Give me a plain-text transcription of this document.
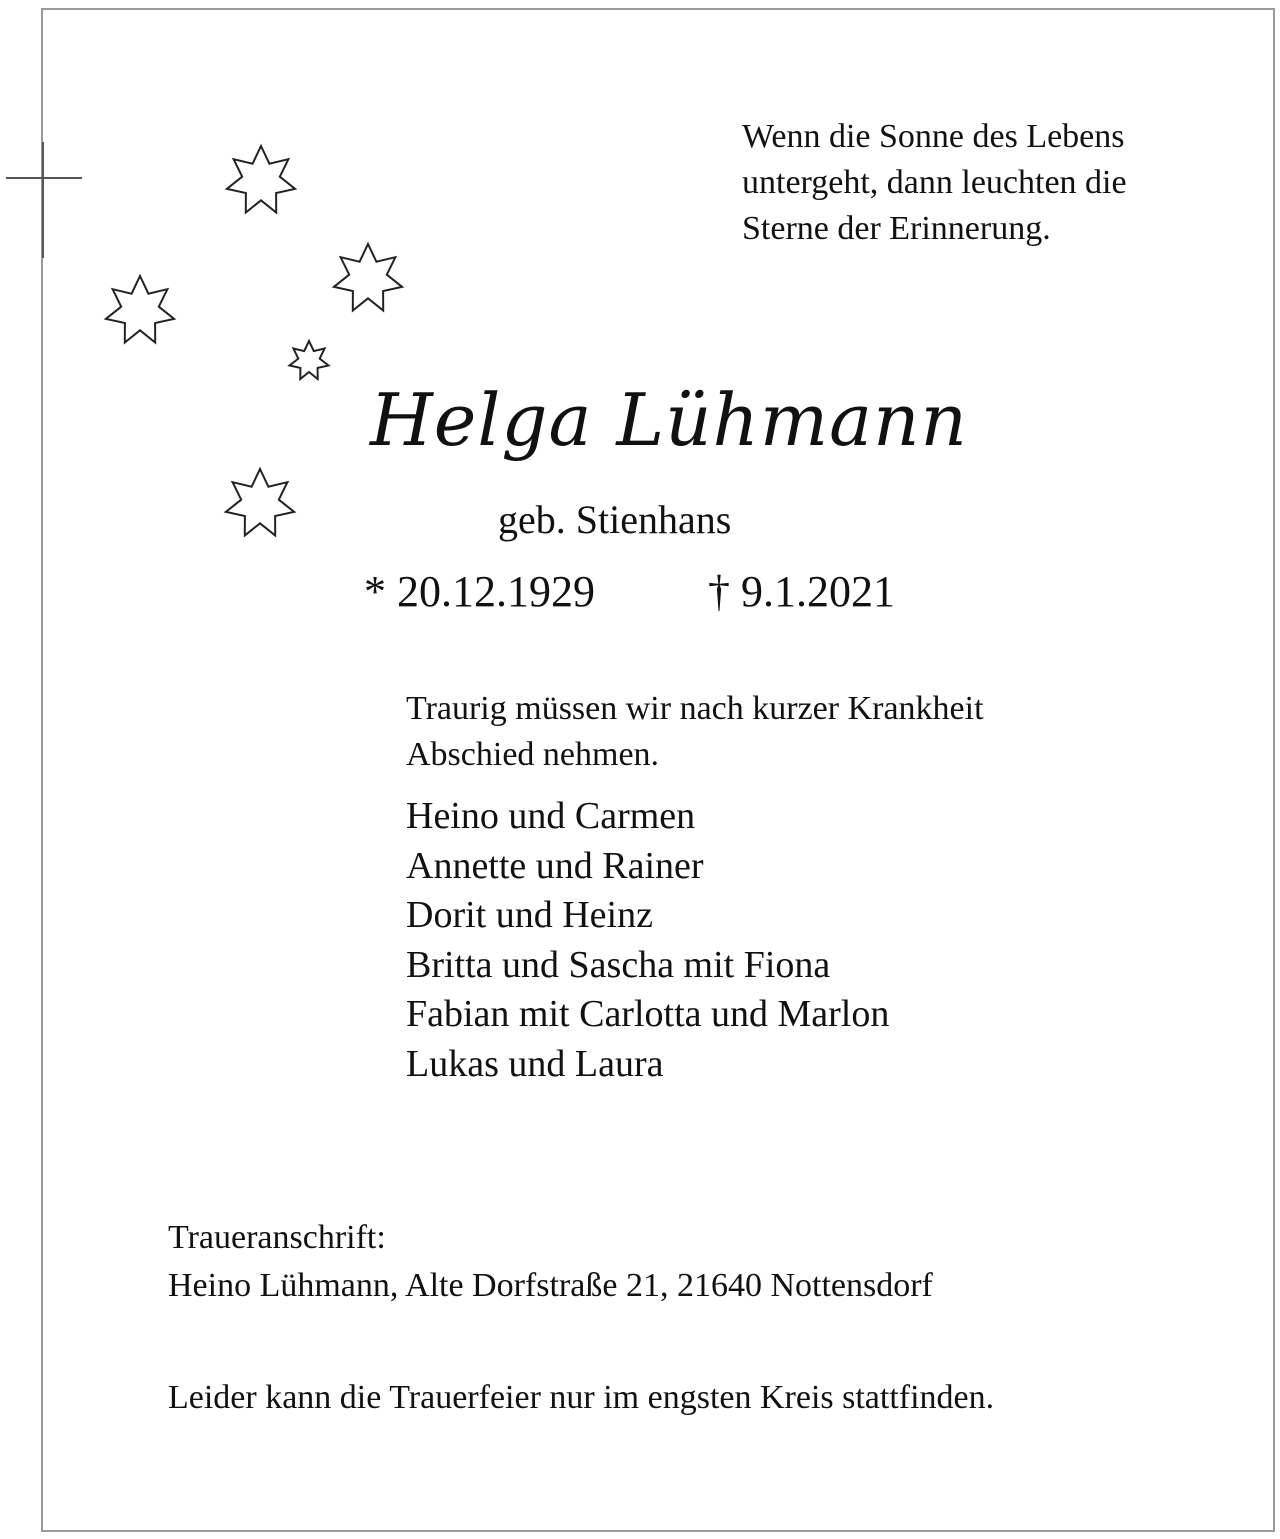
Wenn die Sonne des Lebens
untergeht, dann leuchten die
Sterne der Erinnerung.
Helga Lühmann
geb. Stienhans
* 20.12.1929	† 9.1.2021
Traurig müssen wir nach kurzer Krankheit
Abschied nehmen.
Heino und Carmen
Annette und Rainer
Dorit und Heinz
Britta und Sascha mit Fiona
Fabian mit Carlotta und Marlon
Lukas und Laura
Traueranschrift:
Heino Lühmann, Alte Dorfstraße 21, 21640 Nottensdorf
Leider kann die Trauerfeier nur im engsten Kreis stattfinden.
